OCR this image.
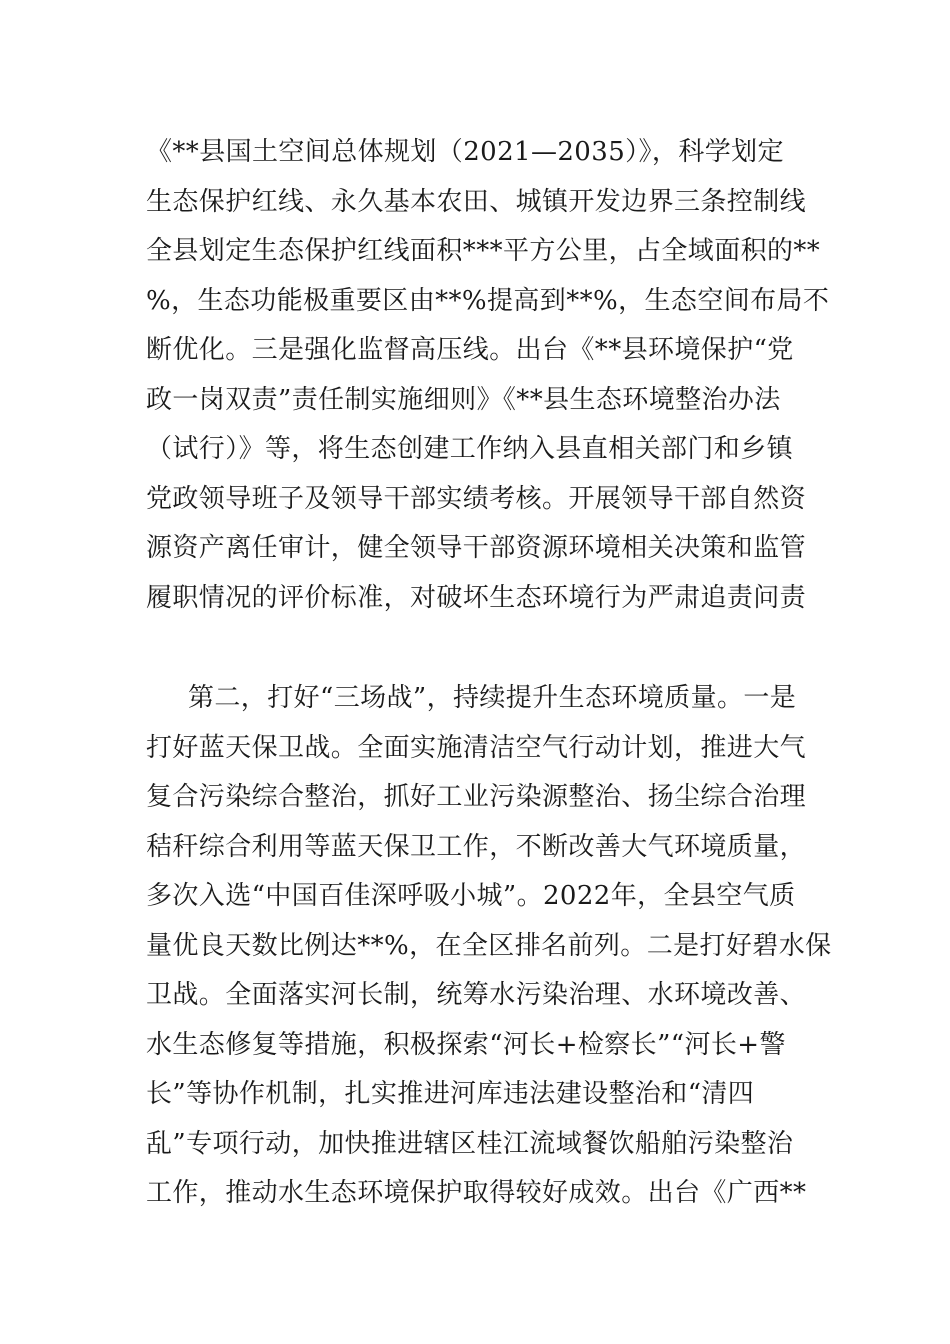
《**县国土空间总体规划（2021—2035）》，科学划定
生态保护红线、永久基本农田、城镇开发边界三条控制线
全县划定生态保护红线面积***平方公里，占全域面积的**
%，生态功能极重要区由**%提高到**%，生态空间布局不
断优化。三是强化监督高压线。出台《**县环境保护“党
政一岗双责”责任制实施细则》《**县生态环境整治办法
（试行）》等，将生态创建工作纳入县直相关部门和乡镇
党政领导班子及领导干部实绩考核。开展领导干部自然资
源资产离任审计，健全领导干部资源环境相关决策和监管
履职情况的评价标准，对破坏生态环境行为严肃追责问责
第二，打好“三场战”，持续提升生态环境质量。一是
打好蓝天保卫战。全面实施清洁空气行动计划，推进大气
复合污染综合整治，抓好工业污染源整治、扬尘综合治理
秸秆综合利用等蓝天保卫工作，不断改善大气环境质量，
多次入选“中国百佳深呼吸小城”。2022年，全县空气质
量优良天数比例达**%，在全区排名前列。二是打好碧水保
卫战。全面落实河长制，统筹水污染治理、水环境改善、
水生态修复等措施，积极探索“河长+检察长”“河长+警
长”等协作机制，扎实推进河库违法建设整治和“清四
乱”专项行动，加快推进辖区桂江流域餐饮船舶污染整治
工作，推动水生态环境保护取得较好成效。出台《广西**
